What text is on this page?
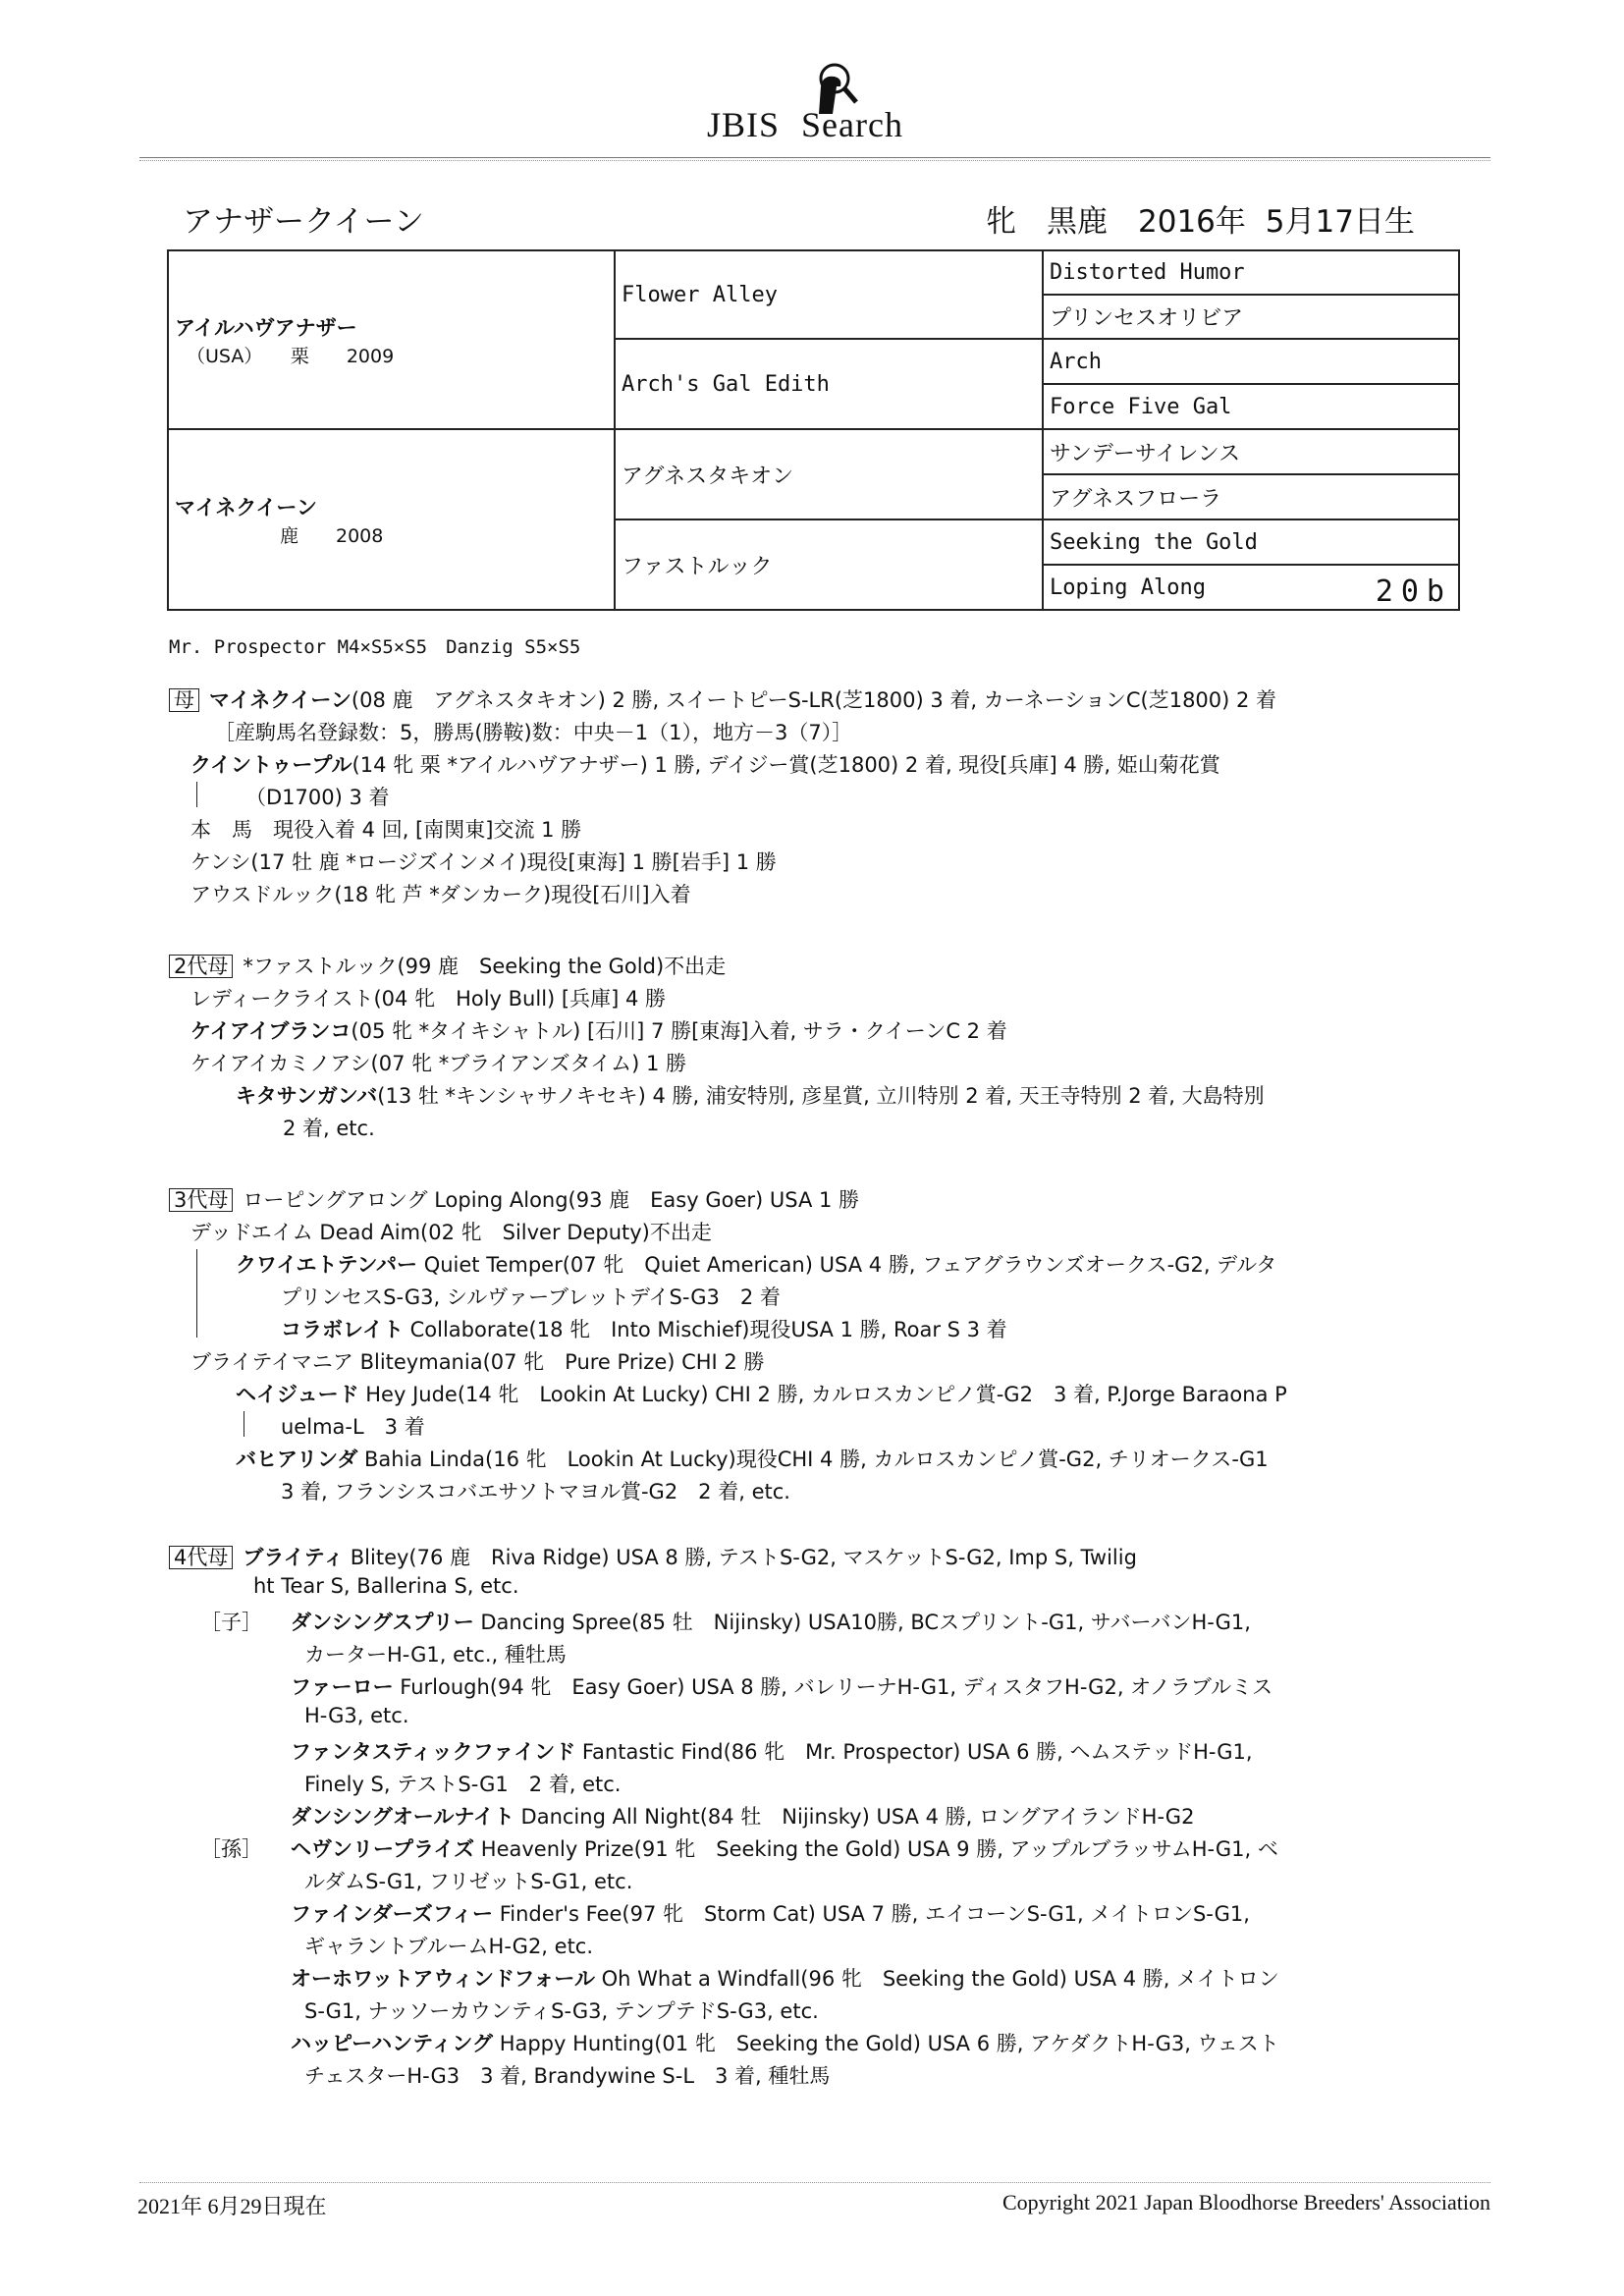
JBIS Search
アナザークイーン	牝　黒鹿　2016年 5月17日生
アイルハヴアナザー
（USA）　　栗　　2009	Flower Alley	Distorted Humor
		プリンセスオリビア
	Arch's Gal Edith	Arch
		Force Five Gal

マイネクイーン
　　　　　鹿　　2008	アグネスタキオン	サンデーサイレンス
		アグネスフローラ
	ファストルック	Seeking the Gold
		Loping Along 20b
Mr. Prospector M4×S5×S5　Danzig S5×S5
母 マイネクイーン(08 鹿　アグネスタキオン) 2 勝, スイートピーS-LR(芝1800) 3 着, カーネーションC(芝1800) 2 着
［産駒馬名登録数：5，勝馬(勝鞍)数：中央－1（1），地方－3（7）］
クイントゥープル(14 牝 栗 *アイルハヴアナザー) 1 勝, デイジー賞(芝1800) 2 着, 現役[兵庫] 4 勝, 姫山菊花賞
（D1700) 3 着
本　馬　現役入着 4 回, [南関東]交流 1 勝
ケンシ(17 牡 鹿 *ロージズインメイ)現役[東海] 1 勝[岩手] 1 勝
アウスドルック(18 牝 芦 *ダンカーク)現役[石川]入着
2代母 *ファストルック(99 鹿　Seeking the Gold)不出走
レディークライスト(04 牝　Holy Bull) [兵庫] 4 勝
ケイアイブランコ(05 牝 *タイキシャトル) [石川] 7 勝[東海]入着, サラ・クイーンC 2 着
ケイアイカミノアシ(07 牝 *ブライアンズタイム) 1 勝
キタサンガンバ(13 牡 *キンシャサノキセキ) 4 勝, 浦安特別, 彦星賞, 立川特別 2 着, 天王寺特別 2 着, 大島特別
2 着, etc.
3代母 ローピングアロング Loping Along(93 鹿　Easy Goer) USA 1 勝
デッドエイム Dead Aim(02 牝　Silver Deputy)不出走
クワイエトテンパー Quiet Temper(07 牝　Quiet American) USA 4 勝, フェアグラウンズオークス-G2, デルタ
プリンセスS-G3, シルヴァーブレットデイS-G3　2 着
コラボレイト Collaborate(18 牝　Into Mischief)現役USA 1 勝, Roar S 3 着
ブライテイマニア Bliteymania(07 牝　Pure Prize) CHI 2 勝
ヘイジュード Hey Jude(14 牝　Lookin At Lucky) CHI 2 勝, カルロスカンピノ賞-G2　3 着, P.Jorge Baraona P
uelma-L　3 着
バヒアリンダ Bahia Linda(16 牝　Lookin At Lucky)現役CHI 4 勝, カルロスカンピノ賞-G2, チリオークス-G1
3 着, フランシスコバエサソトマヨル賞-G2　2 着, etc.
4代母 ブライティ Blitey(76 鹿　Riva Ridge) USA 8 勝, テストS-G2, マスケットS-G2, Imp S, Twilig
ht Tear S, Ballerina S, etc.
［子］ ダンシングスプリー Dancing Spree(85 牡　Nijinsky) USA10勝, BCスプリント-G1, サバーバンH-G1,
カーターH-G1, etc., 種牡馬
ファーロー Furlough(94 牝　Easy Goer) USA 8 勝, バレリーナH-G1, ディスタフH-G2, オノラブルミス
H-G3, etc.
ファンタスティックファインド Fantastic Find(86 牝　Mr. Prospector) USA 6 勝, ヘムステッドH-G1,
Finely S, テストS-G1　2 着, etc.
ダンシングオールナイト Dancing All Night(84 牡　Nijinsky) USA 4 勝, ロングアイランドH-G2
［孫］ ヘヴンリープライズ Heavenly Prize(91 牝　Seeking the Gold) USA 9 勝, アップルブラッサムH-G1, ベ
ルダムS-G1, フリゼットS-G1, etc.
ファインダーズフィー Finder's Fee(97 牝　Storm Cat) USA 7 勝, エイコーンS-G1, メイトロンS-G1,
ギャラントブルームH-G2, etc.
オーホワットアウィンドフォール Oh What a Windfall(96 牝　Seeking the Gold) USA 4 勝, メイトロン
S-G1, ナッソーカウンティS-G3, テンプテドS-G3, etc.
ハッピーハンティング Happy Hunting(01 牝　Seeking the Gold) USA 6 勝, アケダクトH-G3, ウェスト
チェスターH-G3　3 着, Brandywine S-L　3 着, 種牡馬
2021年 6月29日現在	Copyright 2021 Japan Bloodhorse Breeders' Association
